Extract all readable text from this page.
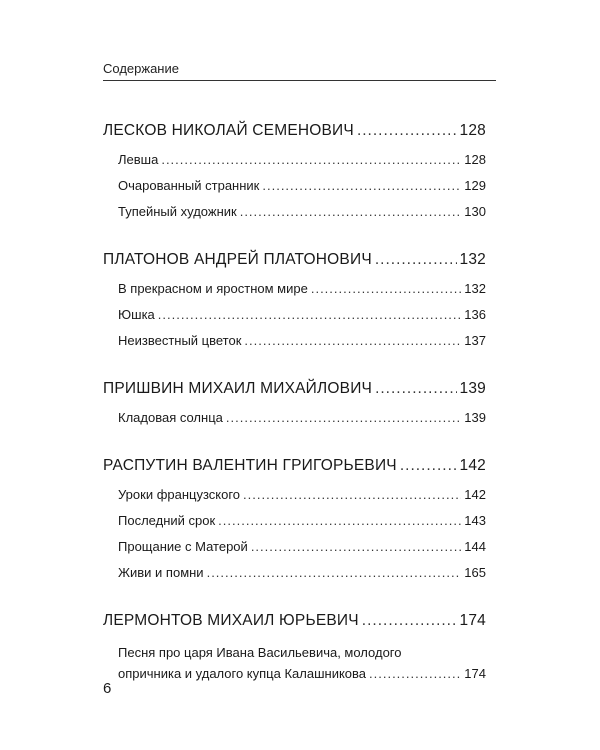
Содержание
ЛЕСКОВ НИКОЛАЙ СЕМЕНОВИЧ .....	128
Левша .....	128
Очарованный странник .....	129
Тупейный художник .....	130
ПЛАТОНОВ АНДРЕЙ ПЛАТОНОВИЧ .....	132
В прекрасном и яростном мире .....	132
Юшка .....	136
Неизвестный цветок .....	137
ПРИШВИН МИХАИЛ МИХАЙЛОВИЧ .....	139
Кладовая солнца .....	139
РАСПУТИН ВАЛЕНТИН ГРИГОРЬЕВИЧ .....	142
Уроки французского .....	142
Последний срок .....	143
Прощание с Матерой .....	144
Живи и помни .....	165
ЛЕРМОНТОВ МИХАИЛ ЮРЬЕВИЧ .....	174
Песня про царя Ивана Васильевича, молодого
опричника и удалого купца Калашникова .....	174
6
